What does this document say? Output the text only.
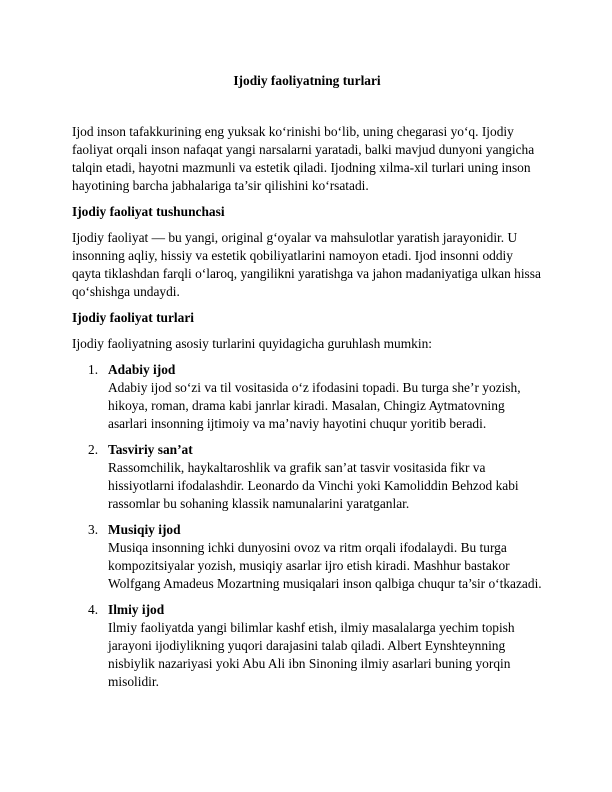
Ijodiy faoliyatning turlari

Ijod inson tafakkurining eng yuksak koʻrinishi boʻlib, uning chegarasi yoʻq. Ijodiy faoliyat orqali inson nafaqat yangi narsalarni yaratadi, balki mavjud dunyoni yangicha talqin etadi, hayotni mazmunli va estetik qiladi. Ijodning xilma-xil turlari uning inson hayotining barcha jabhalariga ta’sir qilishini koʻrsatadi.

Ijodiy faoliyat tushunchasi

Ijodiy faoliyat — bu yangi, original gʻoyalar va mahsulotlar yaratish jarayonidir. U insonning aqliy, hissiy va estetik qobiliyatlarini namoyon etadi. Ijod insonni oddiy qayta tiklashdan farqli oʻlaroq, yangilikni yaratishga va jahon madaniyatiga ulkan hissa qoʻshishga undaydi.

Ijodiy faoliyat turlari

Ijodiy faoliyatning asosiy turlarini quyidagicha guruhlash mumkin:

1. Adabiy ijod
Adabiy ijod soʻzi va til vositasida oʻz ifodasini topadi. Bu turga she’r yozish, hikoya, roman, drama kabi janrlar kiradi. Masalan, Chingiz Aytmatovning asarlari insonning ijtimoiy va ma’naviy hayotini chuqur yoritib beradi.
2. Tasviriy san’at
Rassomchilik, haykaltaroshlik va grafik san’at tasvir vositasida fikr va hissiyotlarni ifodalashdir. Leonardo da Vinchi yoki Kamoliddin Behzod kabi rassomlar bu sohaning klassik namunalarini yaratganlar.
3. Musiqiy ijod
Musiqa insonning ichki dunyosini ovoz va ritm orqali ifodalaydi. Bu turga kompozitsiyalar yozish, musiqiy asarlar ijro etish kiradi. Mashhur bastakor Wolfgang Amadeus Mozartning musiqalari inson qalbiga chuqur ta’sir oʻtkazadi.
4. Ilmiy ijod
Ilmiy faoliyatda yangi bilimlar kashf etish, ilmiy masalalarga yechim topish jarayoni ijodiylikning yuqori darajasini talab qiladi. Albert Eynshteynning nisbiylik nazariyasi yoki Abu Ali ibn Sinoning ilmiy asarlari buning yorqin misolidir.
